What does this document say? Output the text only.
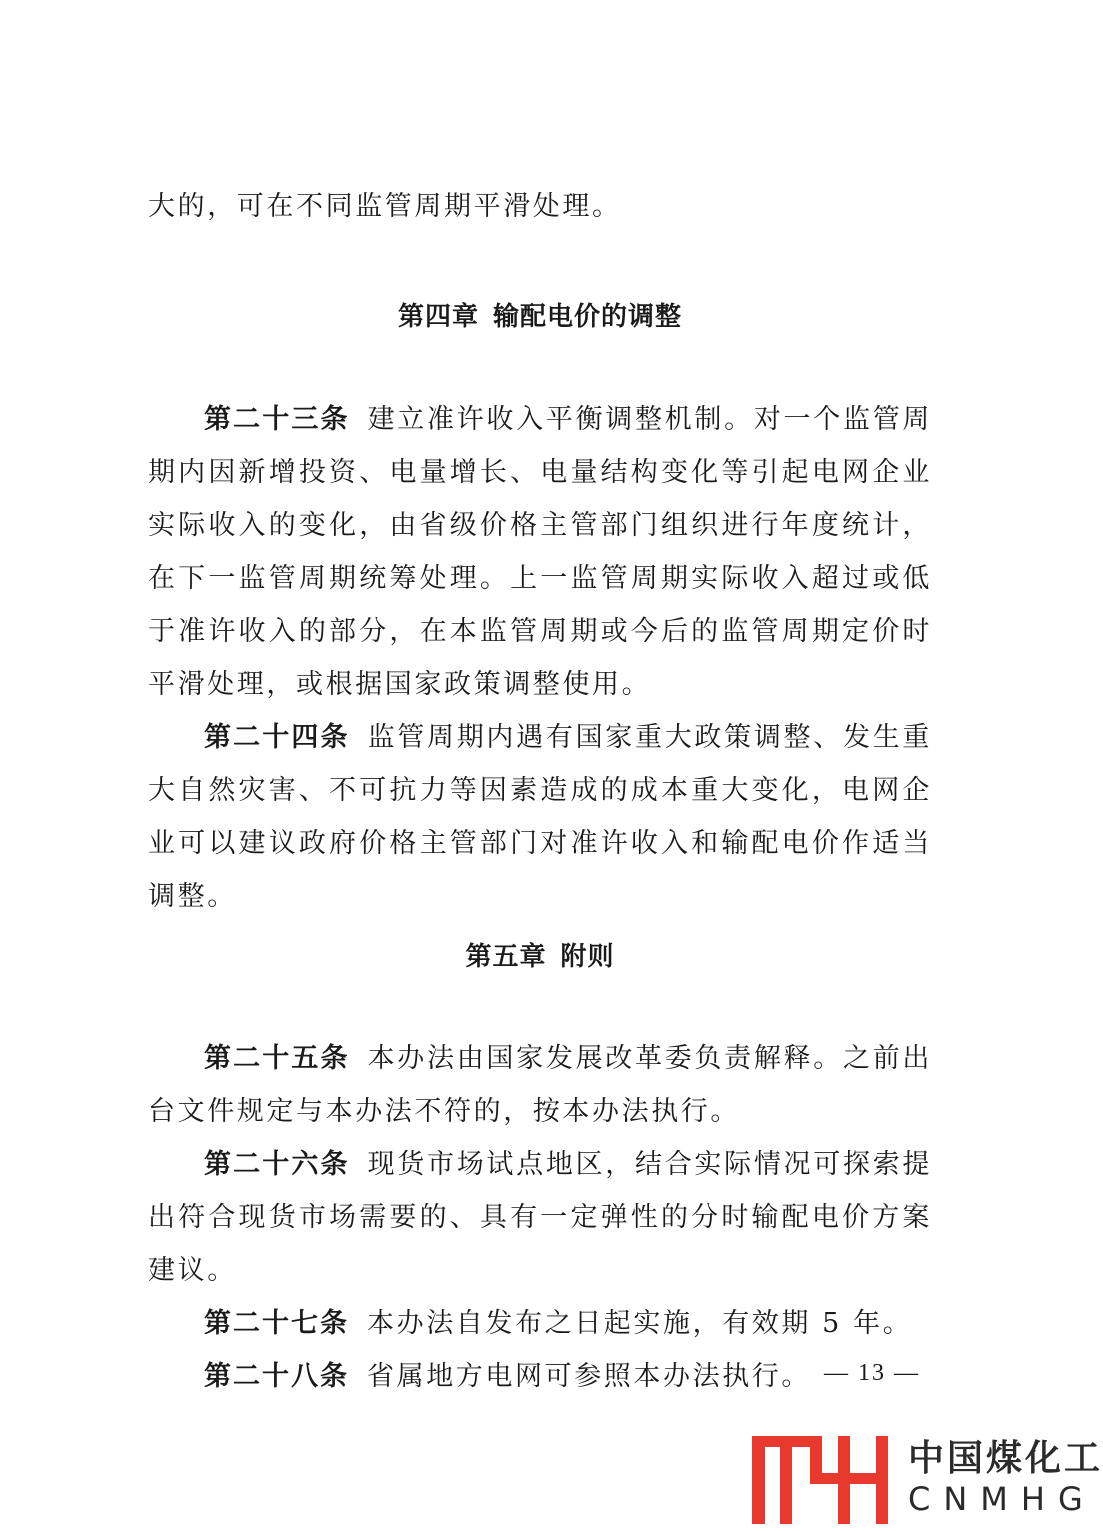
大的，可在不同监管周期平滑处理。

第四章 输配电价的调整

第二十三条 建立准许收入平衡调整机制。对一个监管周期内因新增投资、电量增长、电量结构变化等引起电网企业实际收入的变化，由省级价格主管部门组织进行年度统计，在下一监管周期统筹处理。上一监管周期实际收入超过或低于准许收入的部分，在本监管周期或今后的监管周期定价时平滑处理，或根据国家政策调整使用。

第二十四条 监管周期内遇有国家重大政策调整、发生重大自然灾害、不可抗力等因素造成的成本重大变化，电网企业可以建议政府价格主管部门对准许收入和输配电价作适当调整。

第五章 附则

第二十五条 本办法由国家发展改革委负责解释。之前出台文件规定与本办法不符的，按本办法执行。

第二十六条 现货市场试点地区，结合实际情况可探索提出符合现货市场需要的、具有一定弹性的分时输配电价方案建议。

第二十七条 本办法自发布之日起实施，有效期 5 年。

第二十八条 省属地方电网可参照本办法执行。 — 13 —
中国煤化工
CNMHG
